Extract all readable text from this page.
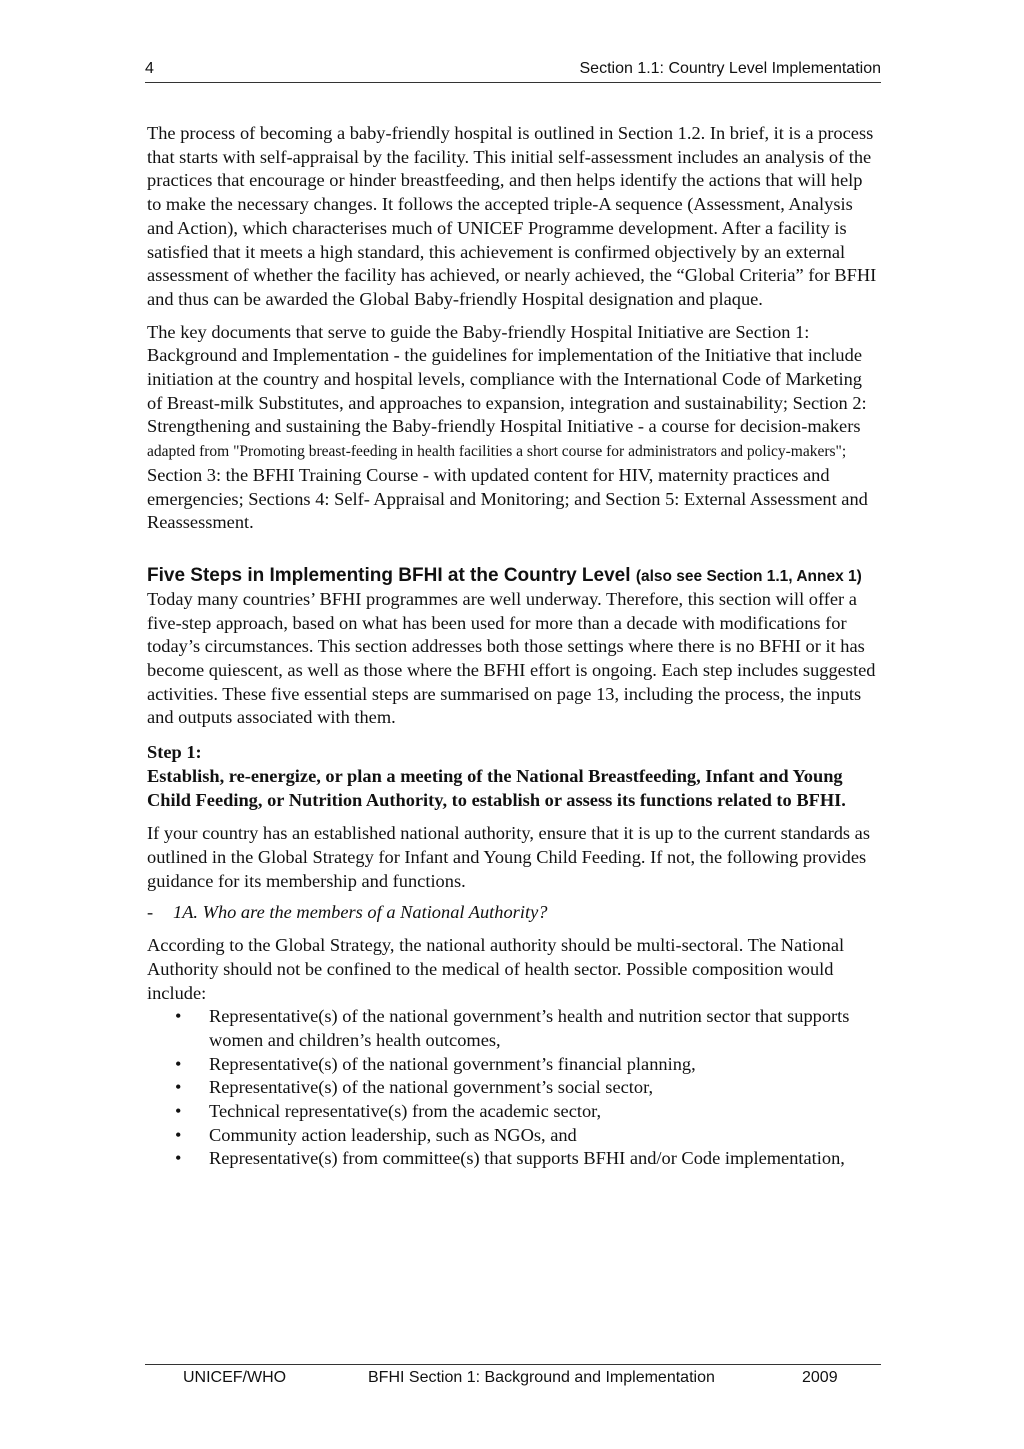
4	Section 1.1: Country Level Implementation

The process of becoming a baby-friendly hospital is outlined in Section 1.2. In brief, it is a process that starts with self-appraisal by the facility. This initial self-assessment includes an analysis of the practices that encourage or hinder breastfeeding, and then helps identify the actions that will help to make the necessary changes. It follows the accepted triple-A sequence (Assessment, Analysis and Action), which characterises much of UNICEF Programme development. After a facility is satisfied that it meets a high standard, this achievement is confirmed objectively by an external assessment of whether the facility has achieved, or nearly achieved, the “Global Criteria” for BFHI and thus can be awarded the Global Baby-friendly Hospital designation and plaque.

The key documents that serve to guide the Baby-friendly Hospital Initiative are Section 1: Background and Implementation - the guidelines for implementation of the Initiative that include initiation at the country and hospital levels, compliance with the International Code of Marketing of Breast-milk Substitutes, and approaches to expansion, integration and sustainability; Section 2: Strengthening and sustaining the Baby-friendly Hospital Initiative - a course for decision-makers adapted from "Promoting breast-feeding in health facilities a short course for administrators and policy-makers"; Section 3: the BFHI Training Course - with updated content for HIV, maternity practices and emergencies; Sections 4: Self- Appraisal and Monitoring; and Section 5: External Assessment and Reassessment.

Five Steps in Implementing BFHI at the Country Level (also see Section 1.1, Annex 1)

Today many countries’ BFHI programmes are well underway. Therefore, this section will offer a five-step approach, based on what has been used for more than a decade with modifications for today’s circumstances. This section addresses both those settings where there is no BFHI or it has become quiescent, as well as those where the BFHI effort is ongoing. Each step includes suggested activities. These five essential steps are summarised on page 13, including the process, the inputs and outputs associated with them.

Step 1:

Establish, re-energize, or plan a meeting of the National Breastfeeding, Infant and Young Child Feeding, or Nutrition Authority, to establish or assess its functions related to BFHI.

If your country has an established national authority, ensure that it is up to the current standards as outlined in the Global Strategy for Infant and Young Child Feeding. If not, the following provides guidance for its membership and functions.

- 1A. Who are the members of a National Authority?

According to the Global Strategy, the national authority should be multi-sectoral. The National Authority should not be confined to the medical of health sector. Possible composition would include:

• Representative(s) of the national government’s health and nutrition sector that supports women and children’s health outcomes,
• Representative(s) of the national government’s financial planning,
• Representative(s) of the national government’s social sector,
• Technical representative(s) from the academic sector,
• Community action leadership, such as NGOs, and
• Representative(s) from committee(s) that supports BFHI and/or Code implementation,
UNICEF/WHO	BFHI Section 1: Background and Implementation	2009
